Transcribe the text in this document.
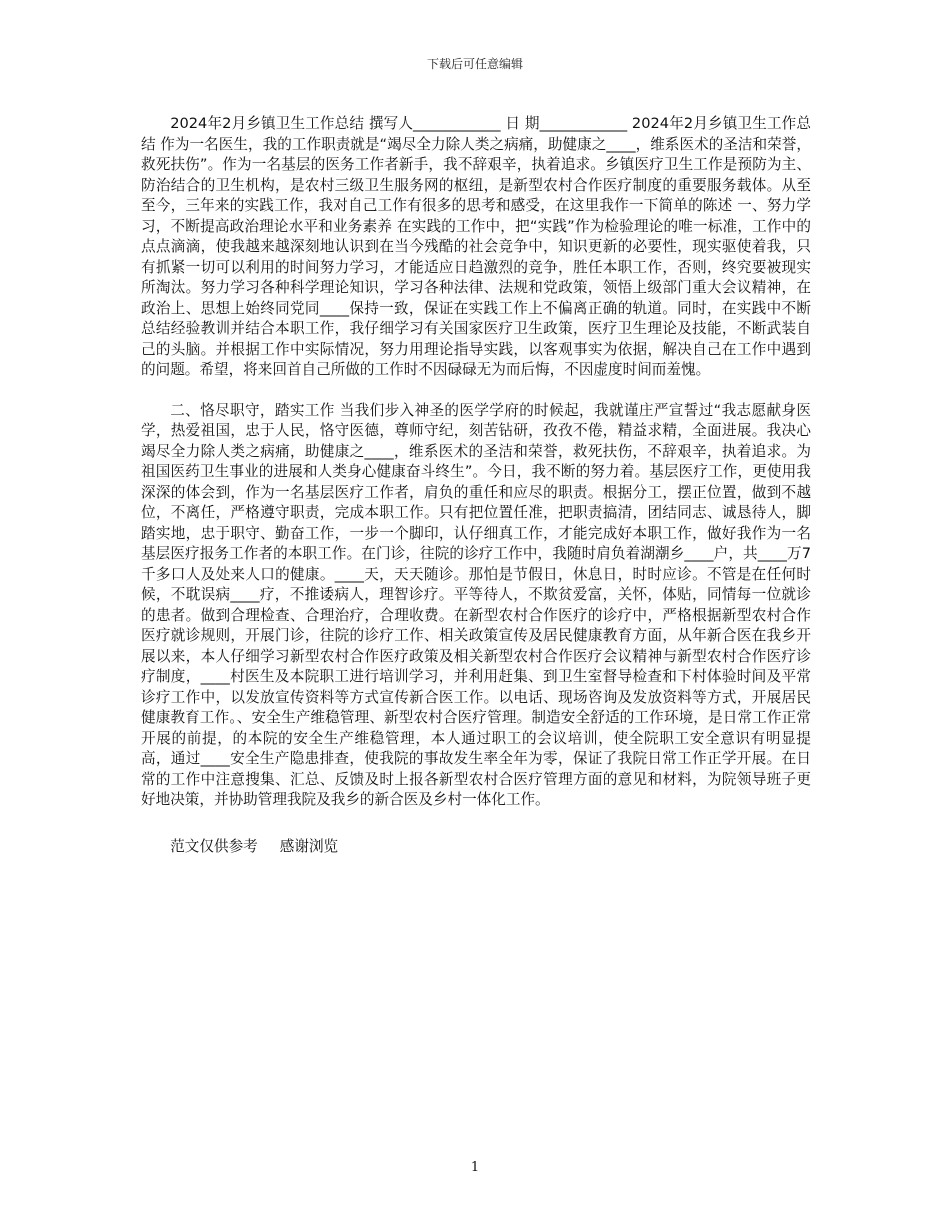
下载后可任意编辑

2024年2月乡镇卫生工作总结 撰写人____________ 日 期____________ 2024年2月乡镇卫生工作总结 作为一名医生，我的工作职责就是“竭尽全力除人类之病痛，助健康之____，维系医术的圣洁和荣誉，救死扶伤”。作为一名基层的医务工作者新手，我不辞艰辛，执着追求。乡镇医疗卫生工作是预防为主、防治结合的卫生机构，是农村三级卫生服务网的枢纽，是新型农村合作医疗制度的重要服务载体。从至至今，三年来的实践工作，我对自己工作有很多的思考和感受，在这里我作一下简单的陈述 一、努力学习，不断提高政治理论水平和业务素养 在实践的工作中，把“实践”作为检验理论的唯一标准，工作中的点点滴滴，使我越来越深刻地认识到在当今残酷的社会竞争中，知识更新的必要性，现实驱使着我，只有抓紧一切可以利用的时间努力学习，才能适应日趋激烈的竞争，胜任本职工作，否则，终究要被现实所淘汰。努力学习各种科学理论知识，学习各种法律、法规和党政策，领悟上级部门重大会议精神，在政治上、思想上始终同党同____保持一致，保证在实践工作上不偏离正确的轨道。同时，在实践中不断总结经验教训并结合本职工作，我仔细学习有关国家医疗卫生政策，医疗卫生理论及技能，不断武装自己的头脑。并根据工作中实际情况，努力用理论指导实践，以客观事实为依据，解决自己在工作中遇到的问题。希望，将来回首自己所做的工作时不因碌碌无为而后悔，不因虚度时间而羞愧。

二、恪尽职守，踏实工作 当我们步入神圣的医学学府的时候起，我就谨庄严宣誓过“我志愿献身医学，热爱祖国，忠于人民，恪守医德，尊师守纪，刻苦钻研，孜孜不倦，精益求精，全面进展。我决心竭尽全力除人类之病痛，助健康之____，维系医术的圣洁和荣誉，救死扶伤，不辞艰辛，执着追求。为祖国医药卫生事业的进展和人类身心健康奋斗终生”。今日，我不断的努力着。基层医疗工作，更使用我深深的体会到，作为一名基层医疗工作者，肩负的重任和应尽的职责。根据分工，摆正位置，做到不越位，不离任，严格遵守职责，完成本职工作。只有把位置任准，把职责搞清，团结同志、诚恳待人，脚踏实地，忠于职守、勤奋工作，一步一个脚印，认仔细真工作，才能完成好本职工作，做好我作为一名基层医疗报务工作者的本职工作。在门诊，往院的诊疗工作中，我随时肩负着湖潮乡____户，共____万7千多口人及处来人口的健康。____天，天天随诊。那怕是节假日，休息日，时时应诊。不管是在任何时候，不耽误病____疗，不推诿病人，理智诊疗。平等待人，不欺贫爱富，关怀，体贴，同情每一位就诊的患者。做到合理检查、合理治疗，合理收费。在新型农村合作医疗的诊疗中，严格根据新型农村合作医疗就诊规则，开展门诊，往院的诊疗工作、相关政策宣传及居民健康教育方面，从年新合医在我乡开展以来，本人仔细学习新型农村合作医疗政策及相关新型农村合作医疗会议精神与新型农村合作医疗诊疗制度，____村医生及本院职工进行培训学习，并利用赶集、到卫生室督导检查和下村体验时间及平常诊疗工作中，以发放宣传资料等方式宣传新合医工作。以电话、现场咨询及发放资料等方式，开展居民健康教育工作。、安全生产维稳管理、新型农村合医疗管理。制造安全舒适的工作环境，是日常工作正常开展的前提，的本院的安全生产维稳管理，本人通过职工的会议培训，使全院职工安全意识有明显提高，通过____安全生产隐患排查，使我院的事故发生率全年为零，保证了我院日常工作正学开展。在日常的工作中注意搜集、汇总、反馈及时上报各新型农村合医疗管理方面的意见和材料，为院领导班子更好地决策，并协助管理我院及我乡的新合医及乡村一体化工作。

范文仅供参考 感谢浏览
1
